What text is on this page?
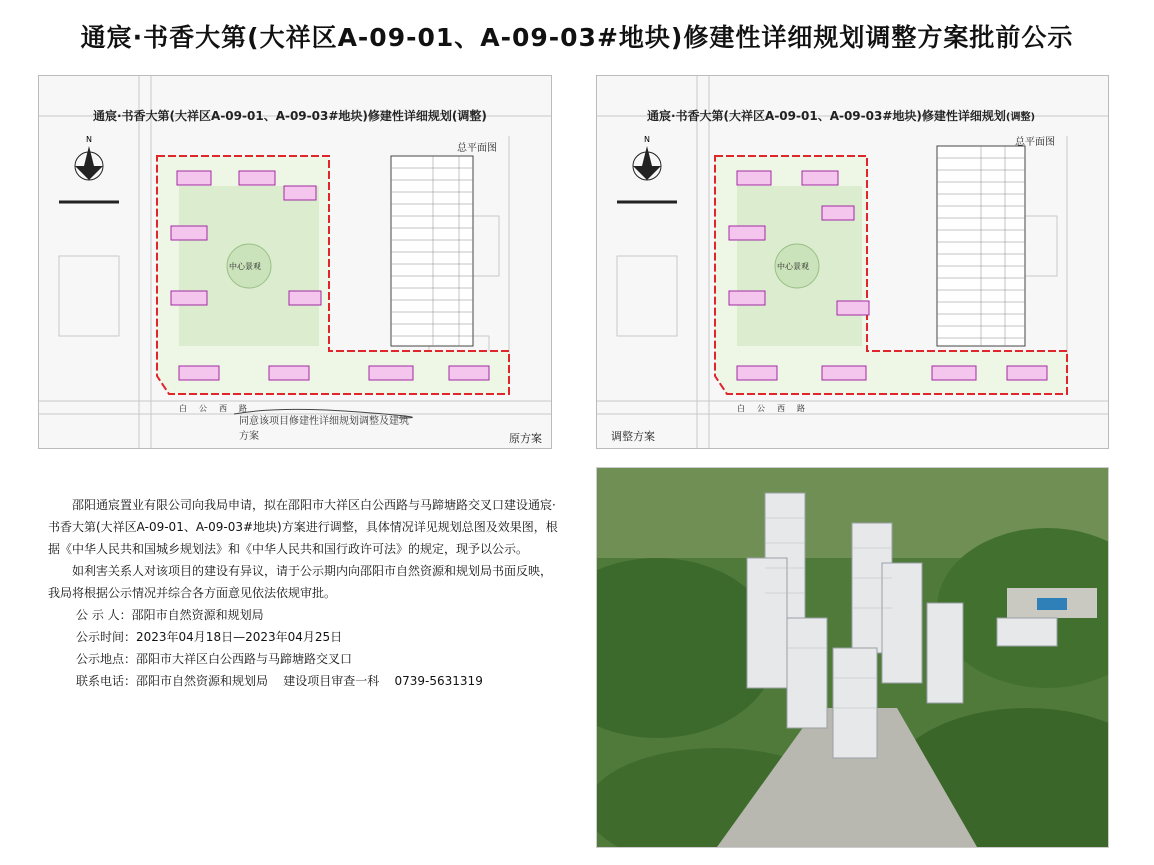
通宸·书香大第(大祥区A-09-01、A-09-03#地块)修建性详细规划调整方案批前公示
N
通宸·书香大第(大祥区A-09-01、A-09-03#地块)修建性详细规划(调整)
总平面图
中心景观
白公西路
同意该项目修建性详细规划调整及建筑方案	原方案
N
通宸·书香大第(大祥区A-09-01、A-09-03#地块)修建性详细规划(调整)
总平面图
中心景观
白公西路
调整方案

邵阳通宸置业有限公司向我局申请，拟在邵阳市大祥区白公西路与马蹄塘路交叉口建设通宸·书香大第(大祥区A-09-01、A-09-03#地块)方案进行调整，具体情况详见规划总图及效果图，根据《中华人民共和国城乡规划法》和《中华人民共和国行政许可法》的规定，现予以公示。

如利害关系人对该项目的建设有异议，请于公示期内向邵阳市自然资源和规划局书面反映，我局将根据公示情况并综合各方面意见依法依规审批。

公 示 人：邵阳市自然资源和规划局

公示时间：2023年04月18日—2023年04月25日

公示地点：邵阳市大祥区白公西路与马蹄塘路交叉口

联系电话：邵阳市自然资源和规划局    建设项目审查一科    0739-5631319
